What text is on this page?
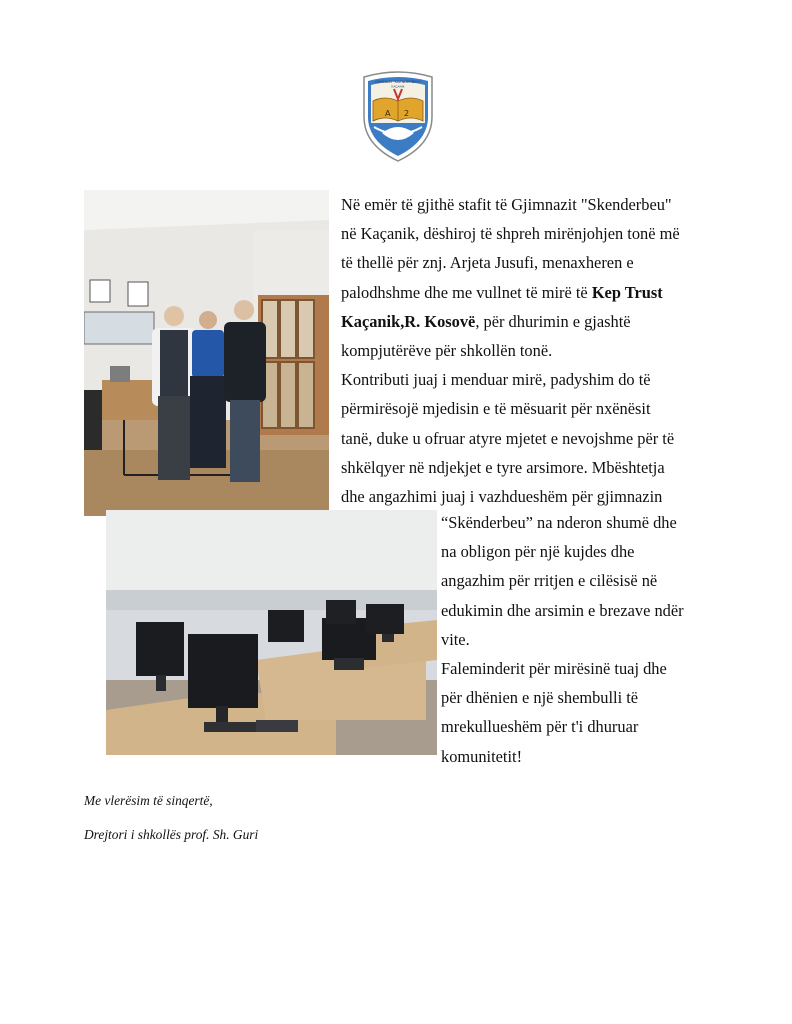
A 2
GJIMNAZI "SKENDERBEU"
KAÇANIK
Në emër të gjithë stafit të Gjimnazit "Skenderbeu"
në Kaçanik, dëshiroj të shpreh mirënjohjen tonë më
të thellë për znj. Arjeta Jusufi, menaxheren e
palodhshme dhe me vullnet të mirë të Kep Trust
Kaçanik,R. Kosovë, për dhurimin e gjashtë
kompjutërëve për shkollën tonë.
Kontributi juaj i menduar mirë, padyshim do të
përmirësojë mjedisin e të mësuarit për nxënësit
tanë, duke u ofruar atyre mjetet e nevojshme për të
shkëlqyer në ndjekjet e tyre arsimore. Mbështetja
dhe angazhimi juaj i vazhdueshëm për gjimnazin
“Skënderbeu” na nderon shumë dhe
na obligon për një kujdes dhe
angazhim për rritjen e cilësisë në
edukimin dhe arsimin e brezave ndër
vite.
Faleminderit për mirësinë tuaj dhe
për dhënien e një shembulli të
mrekullueshëm për t'i dhuruar
komunitetit!
Me vlerësim të sinqertë,
Drejtori i shkollës prof. Sh. Guri
